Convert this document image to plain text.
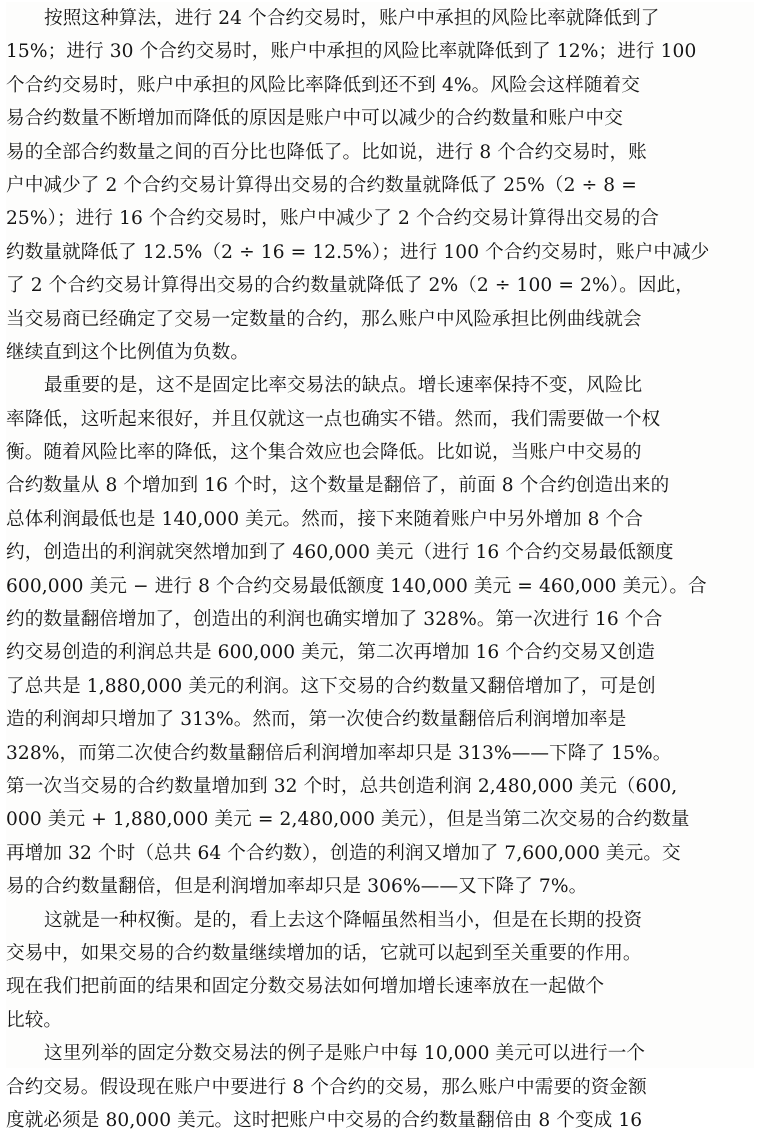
按照这种算法，进行 24 个合约交易时，账户中承担的风险比率就降低到了
15%；进行 30 个合约交易时，账户中承担的风险比率就降低到了 12%；进行 100
个合约交易时，账户中承担的风险比率降低到还不到 4%。风险会这样随着交
易合约数量不断增加而降低的原因是账户中可以减少的合约数量和账户中交
易的全部合约数量之间的百分比也降低了。比如说，进行 8 个合约交易时，账
户中减少了 2 个合约交易计算得出交易的合约数量就降低了 25%（2 ÷ 8 =
25%）；进行 16 个合约交易时，账户中减少了 2 个合约交易计算得出交易的合
约数量就降低了 12.5%（2 ÷ 16 = 12.5%）；进行 100 个合约交易时，账户中减少
了 2 个合约交易计算得出交易的合约数量就降低了 2%（2 ÷ 100 = 2%）。因此，
当交易商已经确定了交易一定数量的合约，那么账户中风险承担比例曲线就会
继续直到这个比例值为负数。
最重要的是，这不是固定比率交易法的缺点。增长速率保持不变，风险比
率降低，这听起来很好，并且仅就这一点也确实不错。然而，我们需要做一个权
衡。随着风险比率的降低，这个集合效应也会降低。比如说，当账户中交易的
合约数量从 8 个增加到 16 个时，这个数量是翻倍了，前面 8 个合约创造出来的
总体利润最低也是 140,000 美元。然而，接下来随着账户中另外增加 8 个合
约，创造出的利润就突然增加到了 460,000 美元（进行 16 个合约交易最低额度
600,000 美元 − 进行 8 个合约交易最低额度 140,000 美元 = 460,000 美元）。合
约的数量翻倍增加了，创造出的利润也确实增加了 328%。第一次进行 16 个合
约交易创造的利润总共是 600,000 美元，第二次再增加 16 个合约交易又创造
了总共是 1,880,000 美元的利润。这下交易的合约数量又翻倍增加了，可是创
造的利润却只增加了 313%。然而，第一次使合约数量翻倍后利润增加率是
328%，而第二次使合约数量翻倍后利润增加率却只是 313%——下降了 15%。
第一次当交易的合约数量增加到 32 个时，总共创造利润 2,480,000 美元（600,
000 美元 + 1,880,000 美元 = 2,480,000 美元），但是当第二次交易的合约数量
再增加 32 个时（总共 64 个合约数），创造的利润又增加了 7,600,000 美元。交
易的合约数量翻倍，但是利润增加率却只是 306%——又下降了 7%。
这就是一种权衡。是的，看上去这个降幅虽然相当小，但是在长期的投资
交易中，如果交易的合约数量继续增加的话，它就可以起到至关重要的作用。
现在我们把前面的结果和固定分数交易法如何增加增长速率放在一起做个
比较。
这里列举的固定分数交易法的例子是账户中每 10,000 美元可以进行一个
合约交易。假设现在账户中要进行 8 个合约的交易，那么账户中需要的资金额
度就必须是 80,000 美元。这时把账户中交易的合约数量翻倍由 8 个变成 16
